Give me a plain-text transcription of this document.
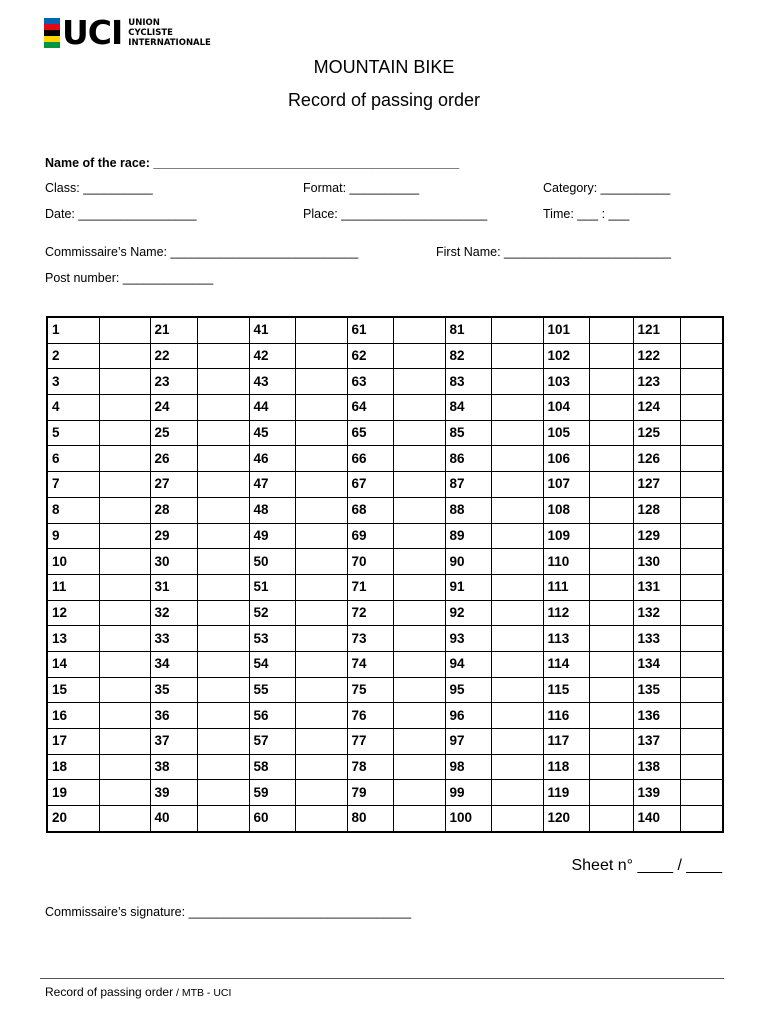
UCI UNION
CYCLISTE
INTERNATIONALE
MOUNTAIN BIKE
Record of passing order
Name of the race: ____________________________________________
Class: __________	Format: __________	Category: __________
Date: _________________	Place: _____________________	Time: ___ : ___
Commissaire’s Name: ___________________________	First Name: ________________________
Post number: _____________
1		21		41		61		81		101		121	
2		22		42		62		82		102		122	
3		23		43		63		83		103		123	
4		24		44		64		84		104		124	
5		25		45		65		85		105		125	
6		26		46		66		86		106		126	
7		27		47		67		87		107		127	
8		28		48		68		88		108		128	
9		29		49		69		89		109		129	
10		30		50		70		90		110		130	
11		31		51		71		91		111		131	
12		32		52		72		92		112		132	
13		33		53		73		93		113		133	
14		34		54		74		94		114		134	
15		35		55		75		95		115		135	
16		36		56		76		96		116		136	
17		37		57		77		97		117		137	
18		38		58		78		98		118		138	
19		39		59		79		99		119		139	
20		40		60		80		100		120		140	
Sheet n° ____ / ____
Commissaire’s signature: ________________________________
Record of passing order / MTB - UCI
